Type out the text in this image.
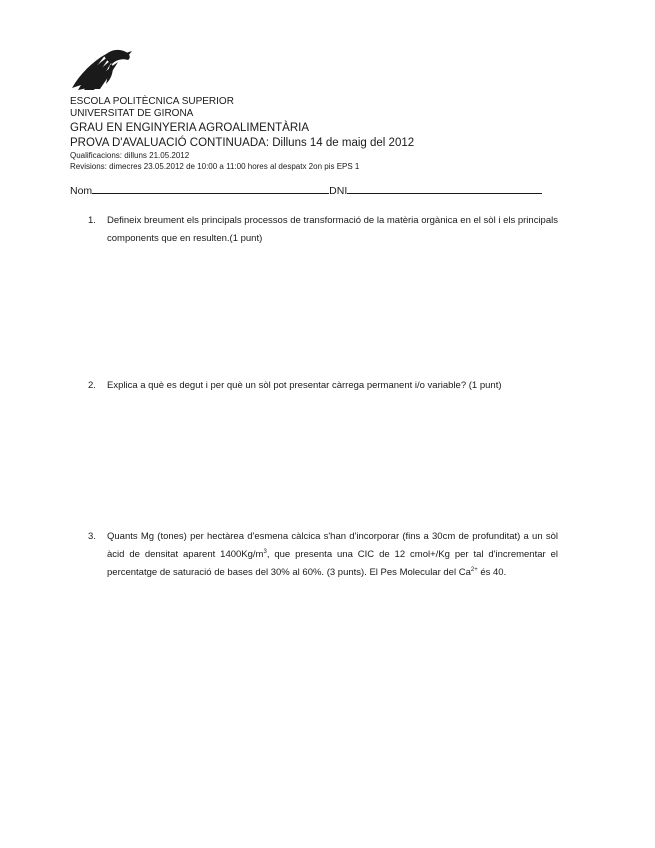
ESCOLA POLITÈCNICA SUPERIOR
UNIVERSITAT DE GIRONA
GRAU EN ENGINYERIA AGROALIMENTÀRIA
PROVA D'AVALUACIÓ CONTINUADA: Dilluns 14 de maig del 2012
Qualificacions: dilluns 21.05.2012
Revisions: dimecres 23.05.2012 de 10:00 a 11:00 hores al despatx 2on pis EPS 1
Nom	DNI
1. Defineix breument els principals processos de transformació de la matèria orgànica en el sòl i els principals components que en resulten.(1 punt)
2. Explica a què es degut i per què un sòl pot presentar càrrega permanent i/o variable? (1 punt)
3. Quants Mg (tones) per hectàrea d'esmena càlcica s'han d'incorporar (fins a 30cm de profunditat) a un sòl àcid de densitat aparent $1400Kg/m^3$, que presenta una CIC de 12 cmol+/Kg per tal d'incrementar el percentatge de saturació de bases del 30% al 60%. (3 punts). El Pes Molecular del $Ca^{2+}$ és 40.
